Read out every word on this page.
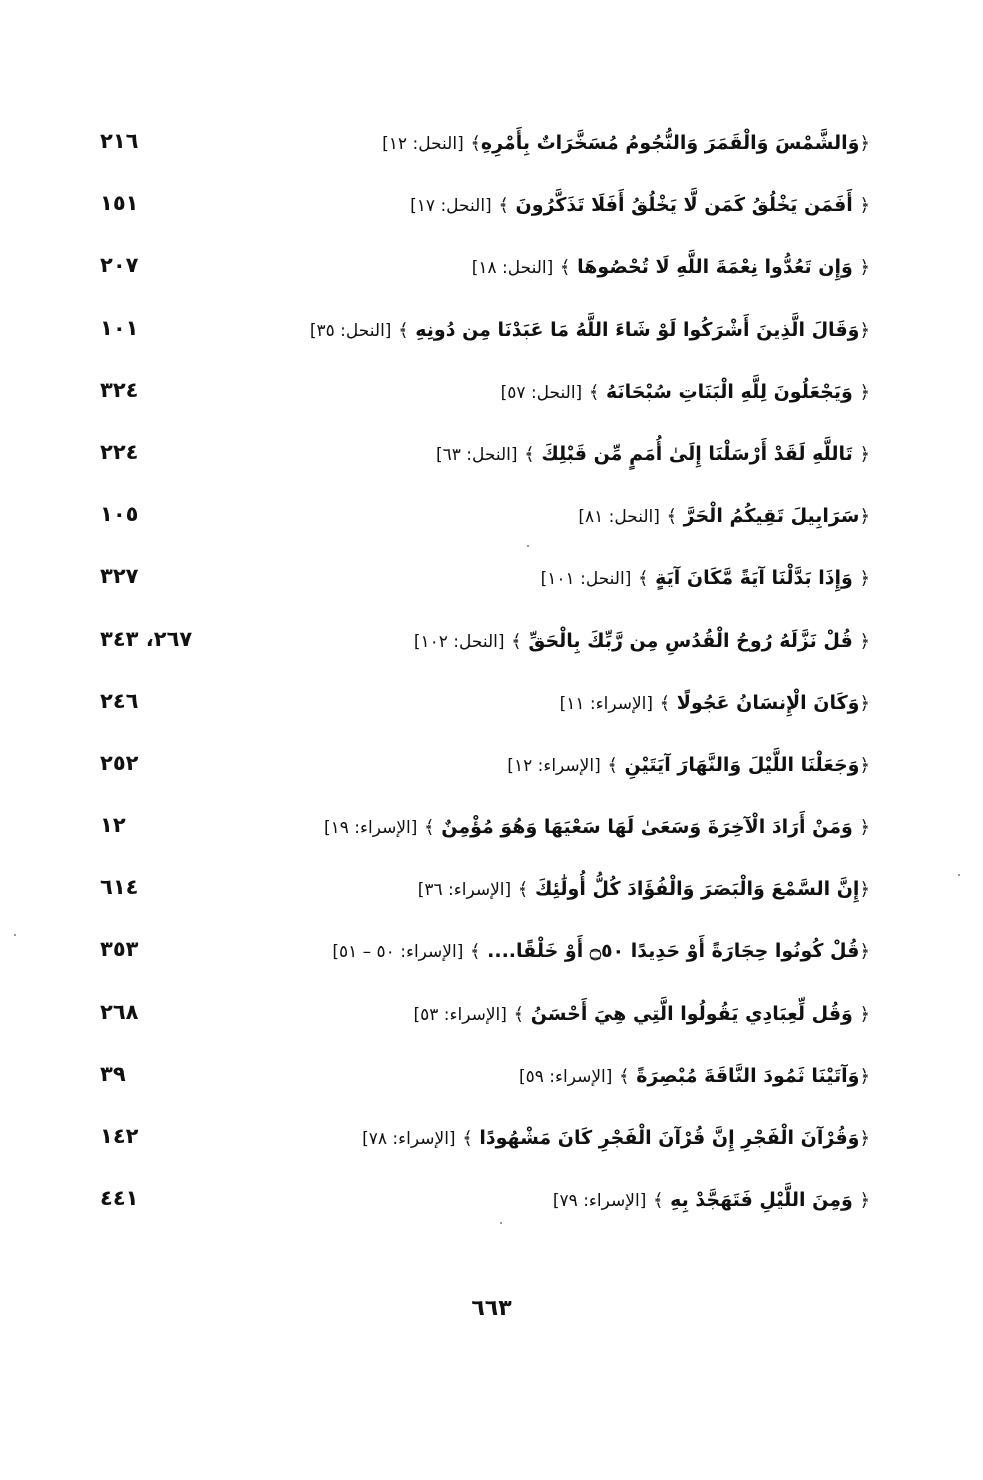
﴿وَالشَّمْسَ وَالْقَمَرَ وَالنُّجُومُ مُسَخَّرَاتٌ بِأَمْرِهِ﴾ [النحل: ١٢]
٢١٦
﴿ أَفَمَن يَخْلُقُ كَمَن لَّا يَخْلُقُ أَفَلَا تَذَكَّرُونَ ﴾ [النحل: ١٧]
١٥١
﴿ وَإِن تَعُدُّوا نِعْمَةَ اللَّهِ لَا تُحْصُوهَا ﴾ [النحل: ١٨]
٢٠٧
﴿وَقَالَ الَّذِينَ أَشْرَكُوا لَوْ شَاءَ اللَّهُ مَا عَبَدْنَا مِن دُونِهِ ﴾ [النحل: ٣٥]
١٠١
﴿ وَيَجْعَلُونَ لِلَّهِ الْبَنَاتِ سُبْحَانَهُ ﴾ [النحل: ٥٧]
٣٢٤
﴿ تَاللَّهِ لَقَدْ أَرْسَلْنَا إِلَىٰ أُمَمٍ مِّن قَبْلِكَ ﴾ [النحل: ٦٣]
٢٢٤
﴿سَرَابِيلَ تَقِيكُمُ الْحَرَّ ﴾ [النحل: ٨١]
١٠٥
﴿ وَإِذَا بَدَّلْنَا آيَةً مَّكَانَ آيَةٍ ﴾ [النحل: ١٠١]
٣٢٧
﴿ قُلْ نَزَّلَهُ رُوحُ الْقُدُسِ مِن رَّبِّكَ بِالْحَقِّ ﴾ [النحل: ١٠٢]
٢٦٧، ٣٤٣
﴿وَكَانَ الْإِنسَانُ عَجُولًا ﴾ [الإسراء: ١١]
٢٤٦
﴿وَجَعَلْنَا اللَّيْلَ وَالنَّهَارَ آيَتَيْنِ ﴾ [الإسراء: ١٢]
٢٥٢
﴿ وَمَنْ أَرَادَ الْآخِرَةَ وَسَعَىٰ لَهَا سَعْيَهَا وَهُوَ مُؤْمِنٌ ﴾ [الإسراء: ١٩]
١٢
﴿إِنَّ السَّمْعَ وَالْبَصَرَ وَالْفُؤَادَ كُلُّ أُولَٰئِكَ ﴾ [الإسراء: ٣٦]
٦١٤
﴿قُلْ كُونُوا حِجَارَةً أَوْ حَدِيدًا ۝٥٠ أَوْ خَلْقًا.... ﴾ [الإسراء: ٥٠ – ٥١]
٣٥٣
﴿ وَقُل لِّعِبَادِي يَقُولُوا الَّتِي هِيَ أَحْسَنُ ﴾ [الإسراء: ٥٣]
٢٦٨
﴿وَآتَيْنَا ثَمُودَ النَّاقَةَ مُبْصِرَةً ﴾ [الإسراء: ٥٩]
٣٩
﴿وَقُرْآنَ الْفَجْرِ إِنَّ قُرْآنَ الْفَجْرِ كَانَ مَشْهُودًا ﴾ [الإسراء: ٧٨]
١٤٢
﴿ وَمِنَ اللَّيْلِ فَتَهَجَّدْ بِهِ ﴾ [الإسراء: ٧٩]
٤٤١
٦٦٣
